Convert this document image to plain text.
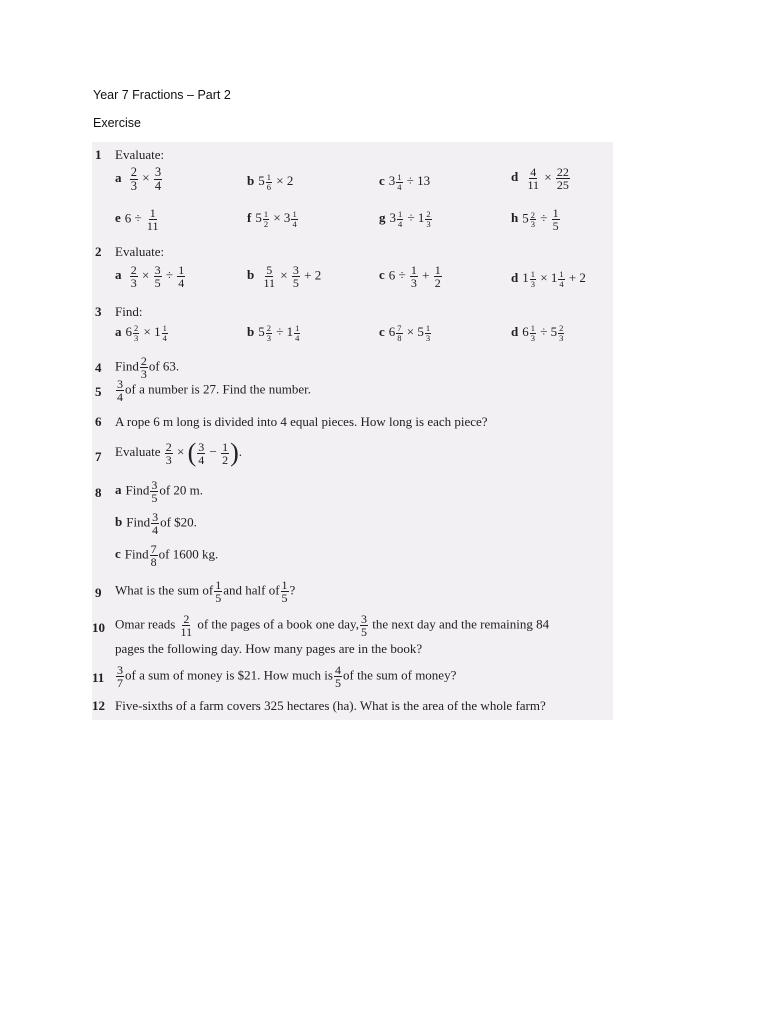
Year 7 Fractions – Part 2
Exercise
1 Evaluate:
a $\frac{2}{3} \times \frac{3}{4}$	b $5 \frac{1}{6} \times 2$	c $3 \frac{1}{4} \div 13$	d $\frac{4}{11} \times \frac{22}{25}$
e $6 \div \frac{1}{11}$	f $5 \frac{1}{2} \times 3 \frac{1}{4}$	g $3 \frac{1}{4} \div 1 \frac{2}{3}$	h $5 \frac{2}{3} \div \frac{1}{5}$
2 Evaluate:
a $\frac{2}{3} \times \frac{3}{5} \div \frac{1}{4}$	b $\frac{5}{11} \times \frac{3}{5} + 2$	c $6 \div \frac{1}{3} + \frac{1}{2}$	d $1 \frac{1}{3} \times 1 \frac{1}{4} + 2$
3 Find:
a $6 \frac{2}{3} \times 1 \frac{1}{4}$	b $5 \frac{2}{3} \div 1 \frac{1}{4}$	c $6 \frac{7}{8} \times 5 \frac{1}{3}$	d $6 \frac{1}{3} \div 5 \frac{2}{3}$
4 Find $\frac{2}{3}$ of 63.
$5 \frac{3}{4}$ of a number is 27. Find the number.
6 A rope 6 m long is divided into 4 equal pieces. How long is each piece?
7 Evaluate $\frac{2}{3}$ × ( $\frac{3}{4} - \frac{1}{2}$ ).
8 a Find $\frac{3}{5}$ of 20 m.
b Find $\frac{3}{4}$ of $20.
c Find $\frac{7}{8}$ of 1600 kg.
9 What is the sum of $\frac{1}{5}$ and half of $\frac{1}{5}$ ?
10 Omar reads $\frac{2}{11}$ of the pages of a book one day, $\frac{3}{5}$ the next day and the remaining 84
pages the following day. How many pages are in the book?
$11 \frac{3}{7}$ of a sum of money is $21. How much is $\frac{4}{5}$ of the sum of money?
12 Five-sixths of a farm covers 325 hectares (ha). What is the area of the whole farm?
